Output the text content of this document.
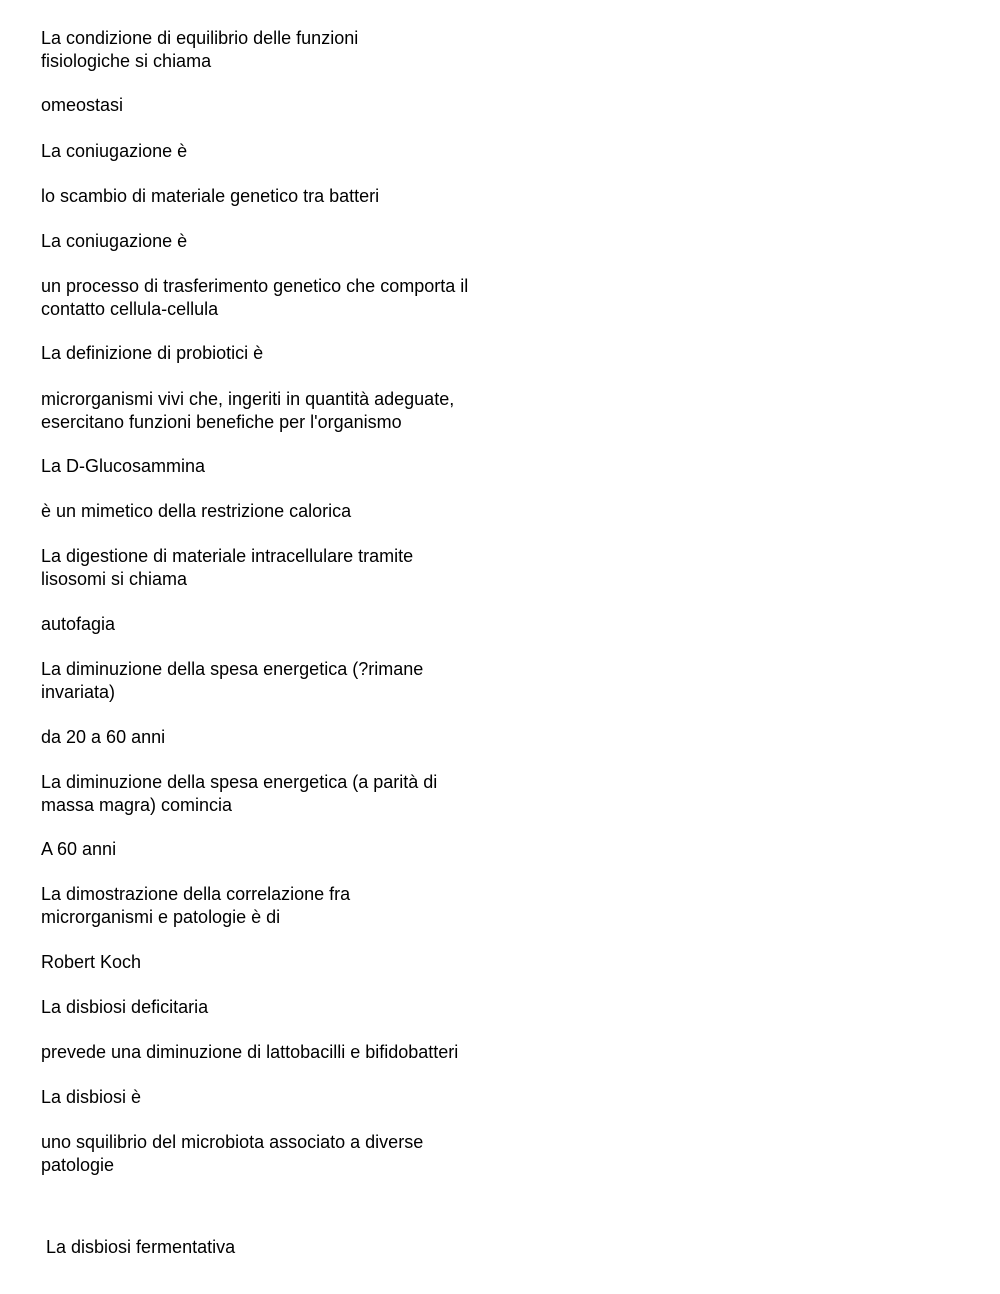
La condizione di equilibrio delle funzioni
fisiologiche si chiama

omeostasi

La coniugazione è

lo scambio di materiale genetico tra batteri

La coniugazione è

un processo di trasferimento genetico che comporta il
contatto cellula-cellula

La definizione di probiotici è

microrganismi vivi che, ingeriti in quantità adeguate,
esercitano funzioni benefiche per l'organismo

La D-Glucosammina

è un mimetico della restrizione calorica

La digestione di materiale intracellulare tramite
lisosomi si chiama

autofagia

La diminuzione della spesa energetica (?rimane
invariata)

da 20 a 60 anni

La diminuzione della spesa energetica (a parità di
massa magra) comincia

A 60 anni

La dimostrazione della correlazione fra
microrganismi e patologie è di

Robert Koch

La disbiosi deficitaria

prevede una diminuzione di lattobacilli e bifidobatteri

La disbiosi è

uno squilibrio del microbiota associato a diverse
patologie

La disbiosi fermentativa
